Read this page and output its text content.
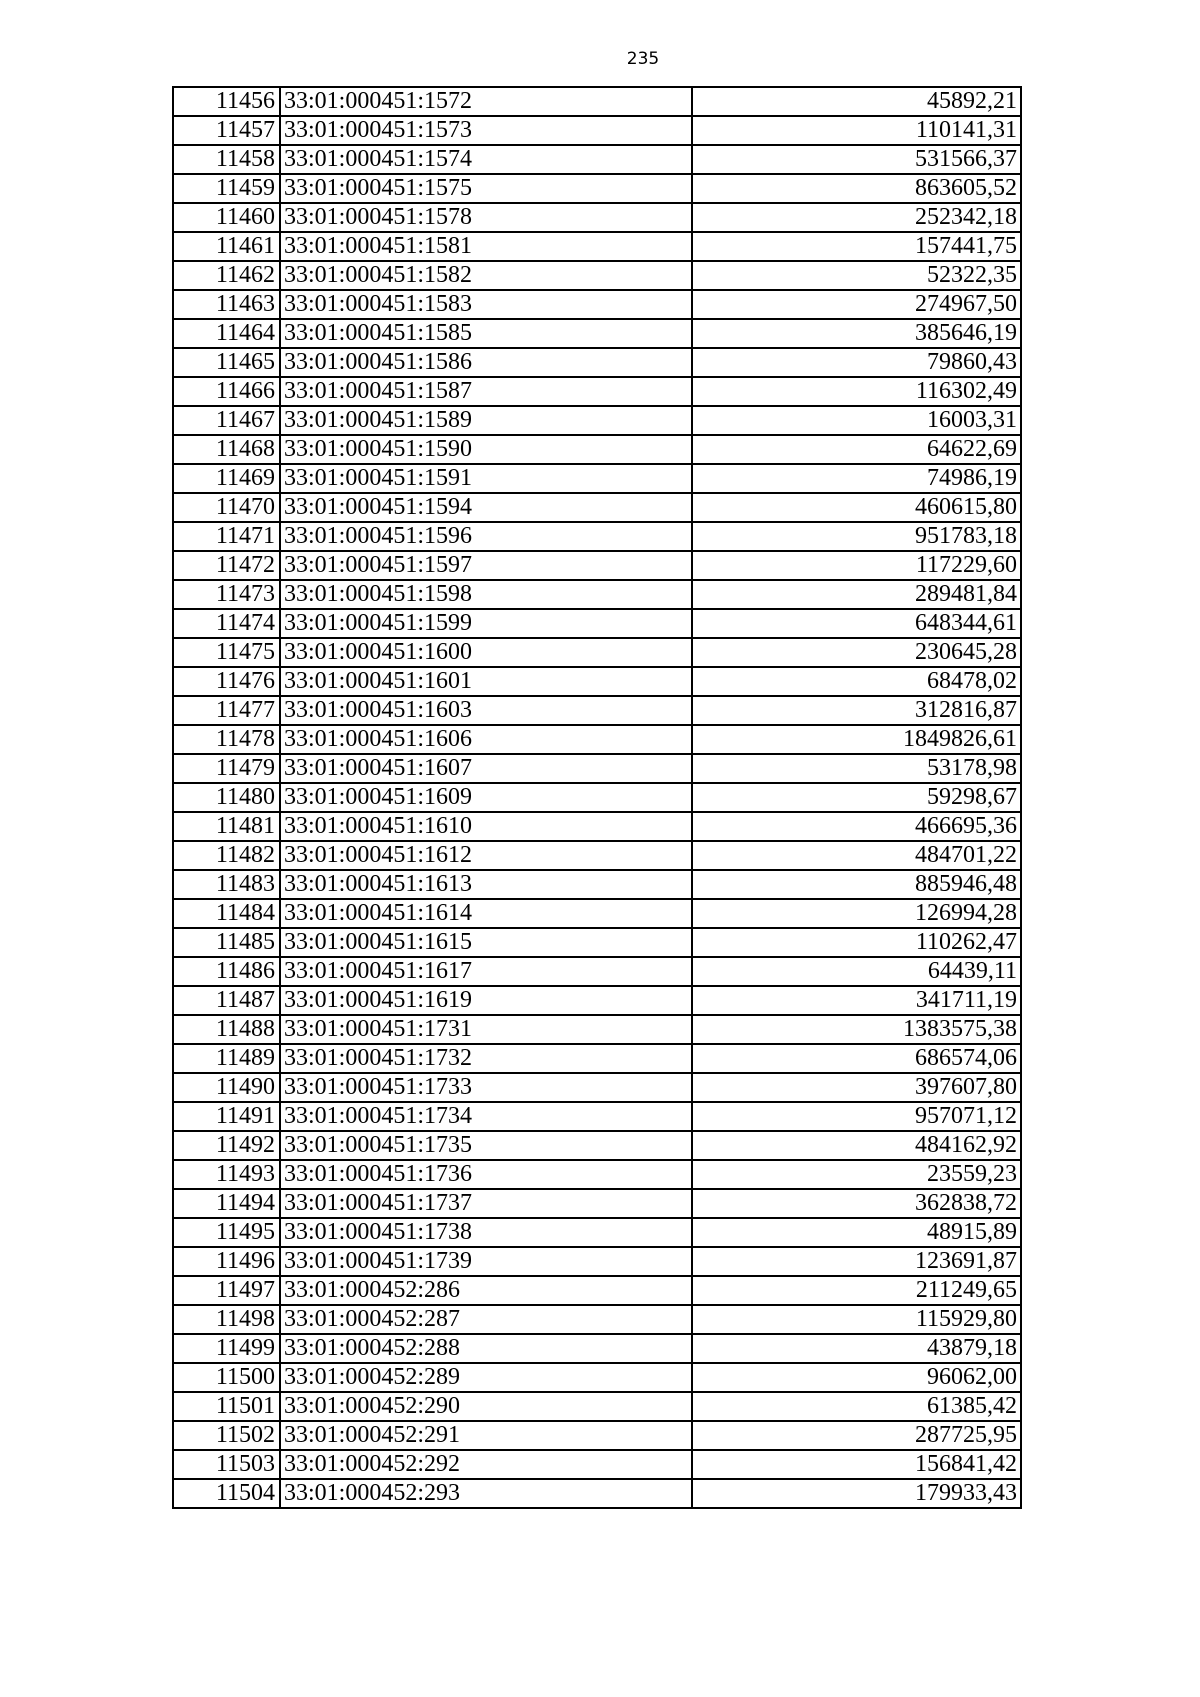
235
11456	33:01:000451:1572	45892,21
11457	33:01:000451:1573	110141,31
11458	33:01:000451:1574	531566,37
11459	33:01:000451:1575	863605,52
11460	33:01:000451:1578	252342,18
11461	33:01:000451:1581	157441,75
11462	33:01:000451:1582	52322,35
11463	33:01:000451:1583	274967,50
11464	33:01:000451:1585	385646,19
11465	33:01:000451:1586	79860,43
11466	33:01:000451:1587	116302,49
11467	33:01:000451:1589	16003,31
11468	33:01:000451:1590	64622,69
11469	33:01:000451:1591	74986,19
11470	33:01:000451:1594	460615,80
11471	33:01:000451:1596	951783,18
11472	33:01:000451:1597	117229,60
11473	33:01:000451:1598	289481,84
11474	33:01:000451:1599	648344,61
11475	33:01:000451:1600	230645,28
11476	33:01:000451:1601	68478,02
11477	33:01:000451:1603	312816,87
11478	33:01:000451:1606	1849826,61
11479	33:01:000451:1607	53178,98
11480	33:01:000451:1609	59298,67
11481	33:01:000451:1610	466695,36
11482	33:01:000451:1612	484701,22
11483	33:01:000451:1613	885946,48
11484	33:01:000451:1614	126994,28
11485	33:01:000451:1615	110262,47
11486	33:01:000451:1617	64439,11
11487	33:01:000451:1619	341711,19
11488	33:01:000451:1731	1383575,38
11489	33:01:000451:1732	686574,06
11490	33:01:000451:1733	397607,80
11491	33:01:000451:1734	957071,12
11492	33:01:000451:1735	484162,92
11493	33:01:000451:1736	23559,23
11494	33:01:000451:1737	362838,72
11495	33:01:000451:1738	48915,89
11496	33:01:000451:1739	123691,87
11497	33:01:000452:286	211249,65
11498	33:01:000452:287	115929,80
11499	33:01:000452:288	43879,18
11500	33:01:000452:289	96062,00
11501	33:01:000452:290	61385,42
11502	33:01:000452:291	287725,95
11503	33:01:000452:292	156841,42
11504	33:01:000452:293	179933,43
